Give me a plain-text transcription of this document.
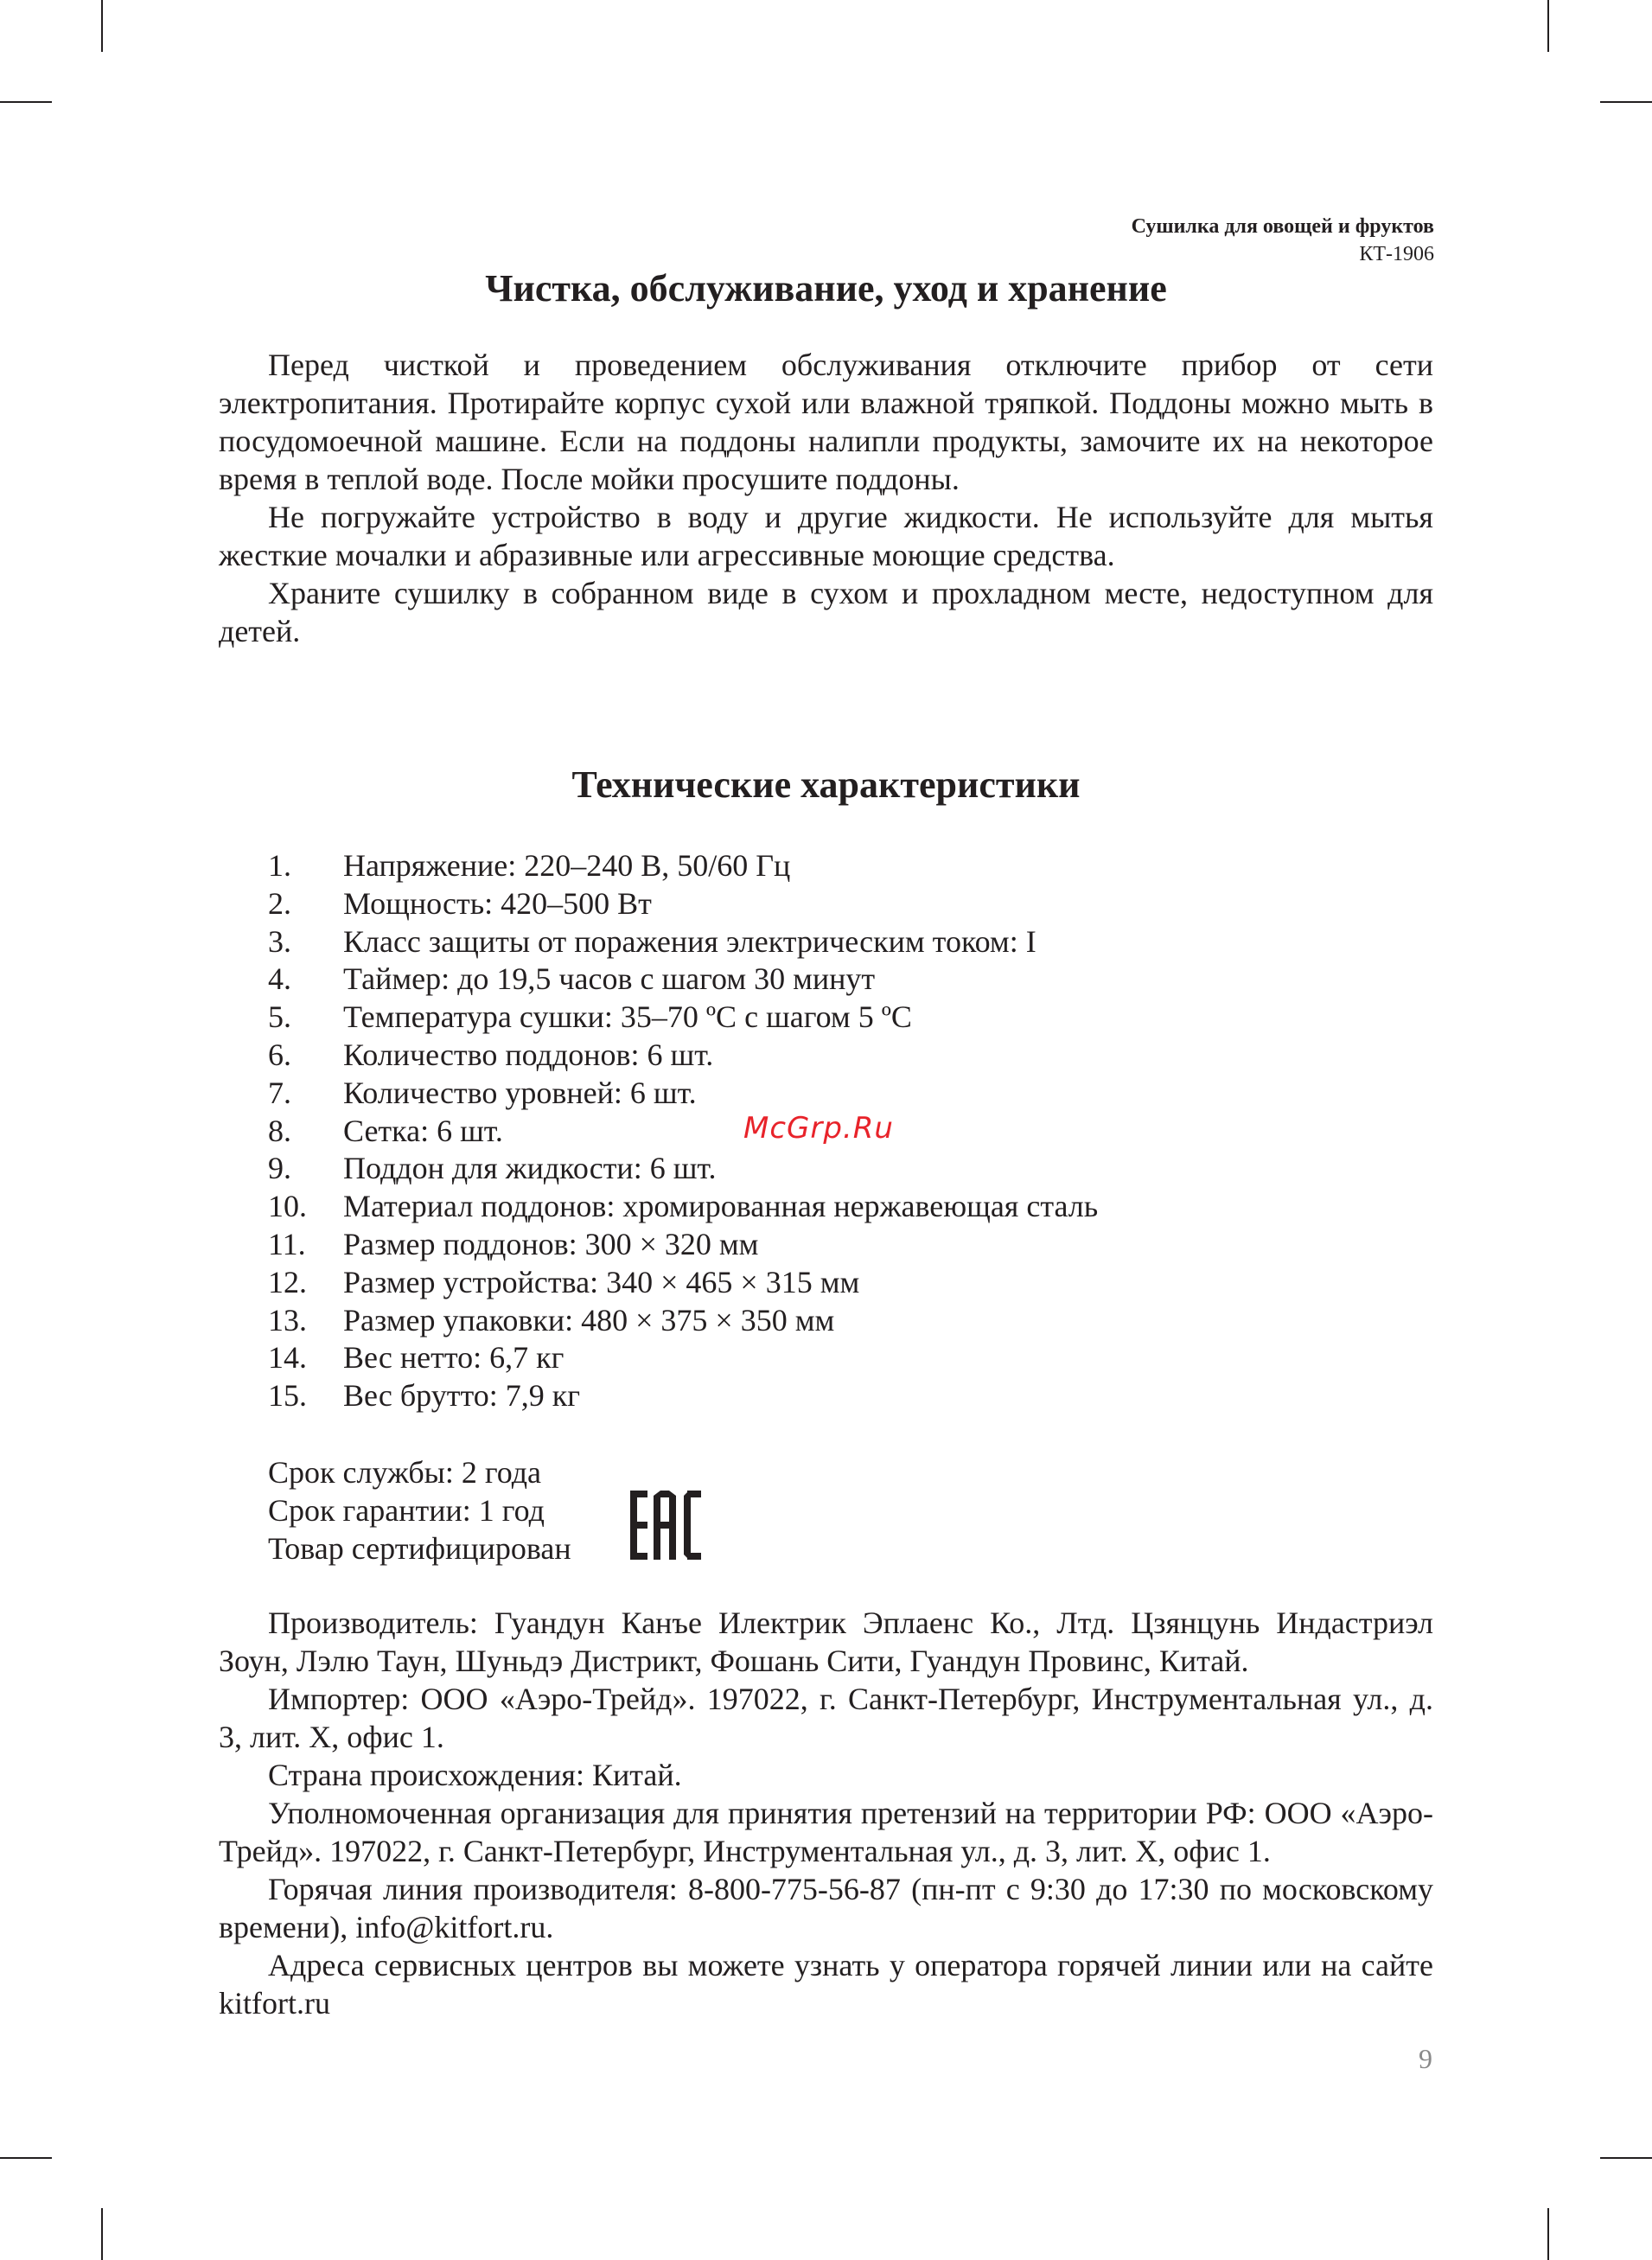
Сушилка для овощей и фруктов
КТ-1906
Чистка, обслуживание, уход и хранение

Перед чисткой и проведением обслуживания отключите прибор от сети электропитания. Протирайте корпус сухой или влажной тряпкой. Поддоны можно мыть в посудомоечной машине. Если на поддоны налипли продукты, замочите их на некоторое время в теплой воде. После мойки просушите поддоны.

Не погружайте устройство в воду и другие жидкости. Не используйте для мытья жесткие мочалки и абразивные или агрессивные моющие средства.

Храните сушилку в собранном виде в сухом и прохладном месте, недоступном для детей.

Технические характеристики
1.	Напряжение: 220–240 В, 50/60 Гц
2.	Мощность: 420–500 Вт
3.	Класс защиты от поражения электрическим током: I
4.	Таймер: до 19,5 часов с шагом 30 минут
5.	Температура сушки: 35–70 ºС с шагом 5 ºС
6.	Количество поддонов: 6 шт.
7.	Количество уровней: 6 шт.
8.	Сетка: 6 шт.
9.	Поддон для жидкости: 6 шт.
10.	Материал поддонов: хромированная нержавеющая сталь
11.	Размер поддонов: 300 × 320 мм
12.	Размер устройства: 340 × 465 × 315 мм
13.	Размер упаковки: 480 × 375 × 350 мм
14.	Вес нетто: 6,7 кг
15.	Вес брутто: 7,9 кг
Срок службы: 2 года
Срок гарантии: 1 год
Товар сертифицирован

Производитель: Гуандун Канъе Илектрик Эплаенс Ко., Лтд. Цзянцунь Индастриэл Зоун, Лэлю Таун, Шуньдэ Дистрикт, Фошань Сити, Гуандун Провинс, Китай.

Импортер: ООО «Аэро-Трейд». 197022, г. Санкт-Петербург, Инструментальная ул., д. 3, лит. Х, офис 1.

Страна происхождения: Китай.

Уполномоченная организация для принятия претензий на территории РФ: ООО «Аэро-Трейд». 197022, г. Санкт-Петербург, Инструментальная ул., д. 3, лит. Х, офис 1.

Горячая линия производителя: 8-800-775-56-87 (пн-пт с 9:30 до 17:30 по московскому времени), info@kitfort.ru.

Адреса сервисных центров вы можете узнать у оператора горячей линии или на сайте kitfort.ru

McGrp.Ru
9
